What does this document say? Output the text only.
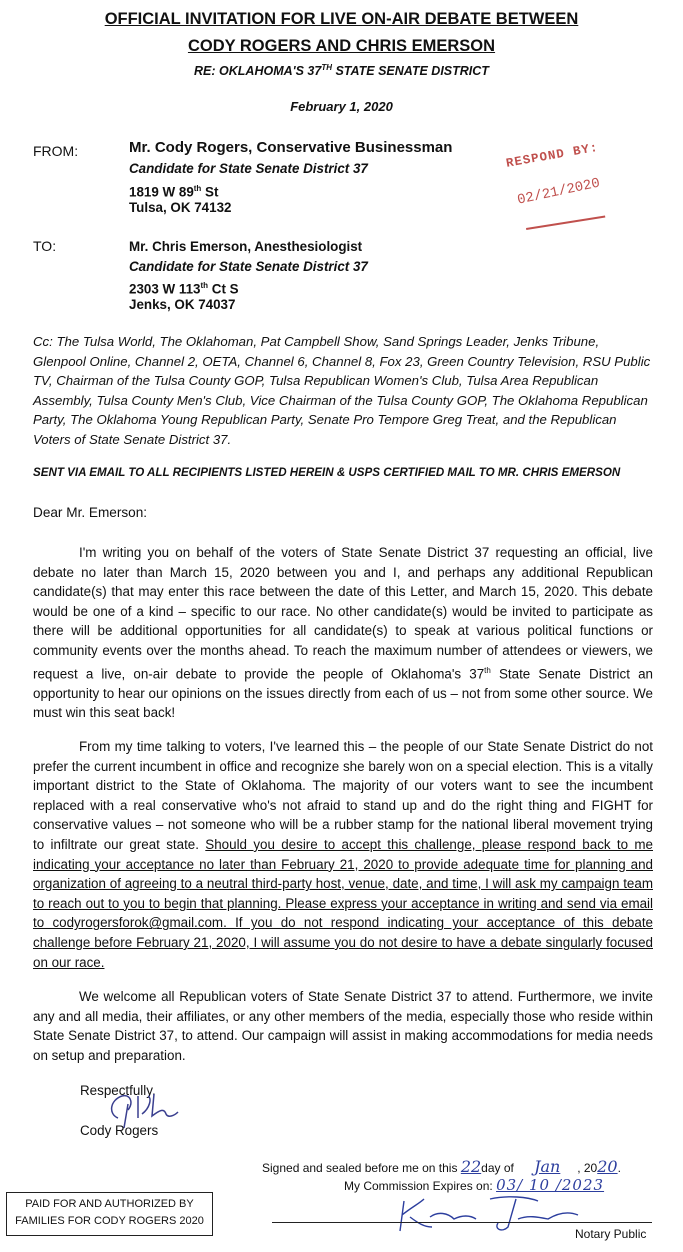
OFFICIAL INVITATION FOR LIVE ON-AIR DEBATE BETWEEN
CODY ROGERS AND CHRIS EMERSON
RE: OKLAHOMA'S 37TH STATE SENATE DISTRICT
February 1, 2020
FROM:	Mr. Cody Rogers, Conservative Businessman
Candidate for State Senate District 37
1819 W 89th St
Tulsa, OK 74132
RESPOND BY:
02/21/2020
TO:	Mr. Chris Emerson, Anesthesiologist
Candidate for State Senate District 37
2303 W 113th Ct S
Jenks, OK 74037
Cc: The Tulsa World, The Oklahoman, Pat Campbell Show, Sand Springs Leader, Jenks Tribune, Glenpool Online, Channel 2, OETA, Channel 6, Channel 8, Fox 23, Green Country Television, RSU Public TV, Chairman of the Tulsa County GOP, Tulsa Republican Women's Club, Tulsa Area Republican Assembly, Tulsa County Men's Club, Vice Chairman of the Tulsa County GOP, The Oklahoma Republican Party, The Oklahoma Young Republican Party, Senate Pro Tempore Greg Treat, and the Republican Voters of State Senate District 37.
SENT VIA EMAIL TO ALL RECIPIENTS LISTED HEREIN & USPS CERTIFIED MAIL TO MR. CHRIS EMERSON
Dear Mr. Emerson:
I'm writing you on behalf of the voters of State Senate District 37 requesting an official, live debate no later than March 15, 2020 between you and I, and perhaps any additional Republican candidate(s) that may enter this race between the date of this Letter, and March 15, 2020. This debate would be one of a kind – specific to our race. No other candidate(s) would be invited to participate as there will be additional opportunities for all candidate(s) to speak at various political functions or community events over the months ahead. To reach the maximum number of attendees or viewers, we request a live, on-air debate to provide the people of Oklahoma's 37th State Senate District an opportunity to hear our opinions on the issues directly from each of us – not from some other source. We must win this seat back!
From my time talking to voters, I've learned this – the people of our State Senate District do not prefer the current incumbent in office and recognize she barely won on a special election. This is a vitally important district to the State of Oklahoma. The majority of our voters want to see the incumbent replaced with a real conservative who's not afraid to stand up and do the right thing and FIGHT for conservative values – not someone who will be a rubber stamp for the national liberal movement trying to infiltrate our great state. Should you desire to accept this challenge, please respond back to me indicating your acceptance no later than February 21, 2020 to provide adequate time for planning and organization of agreeing to a neutral third-party host, venue, date, and time, I will ask my campaign team to reach out to you to begin that planning. Please express your acceptance in writing and send via email to codyrogersforok@gmail.com. If you do not respond indicating your acceptance of this debate challenge before February 21, 2020, I will assume you do not desire to have a debate singularly focused on our race.
We welcome all Republican voters of State Senate District 37 to attend. Furthermore, we invite any and all media, their affiliates, or any other members of the media, especially those who reside within State Senate District 37, to attend. Our campaign will assist in making accommodations for media needs on setup and preparation.
Respectfully,
Cody Rogers
Signed and sealed before me on this 22day of Jan , 2020.
My Commission Expires on: 03/ 10 /2023
Notary Public
PAID FOR AND AUTHORIZED BY
FAMILIES FOR CODY ROGERS 2020
